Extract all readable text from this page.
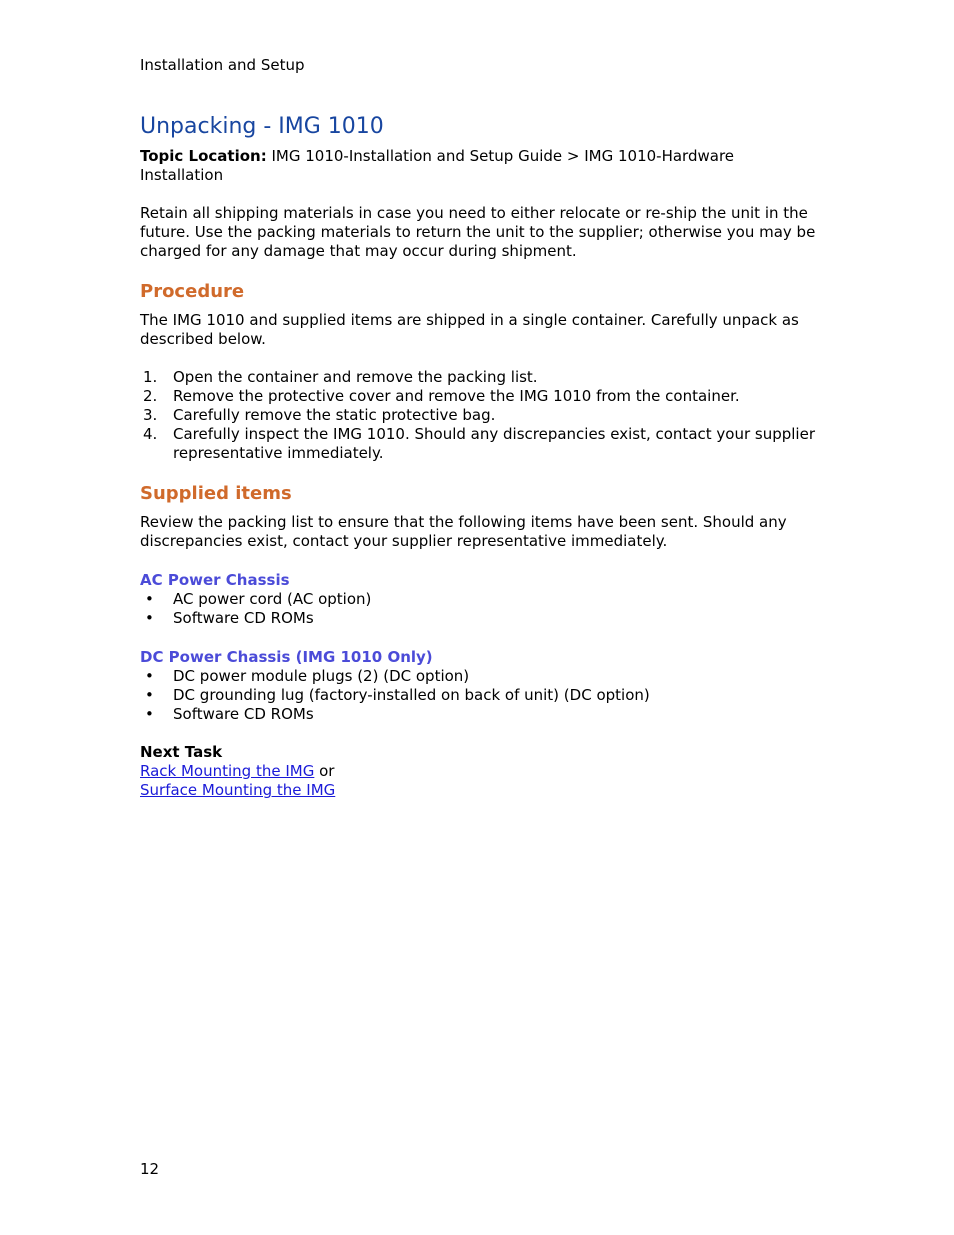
Installation and Setup

Unpacking - IMG 1010

Topic Location: IMG 1010-Installation and Setup Guide > IMG 1010-Hardware Installation

Retain all shipping materials in case you need to either relocate or re-ship the unit in the future. Use the packing materials to return the unit to the supplier; otherwise you may be charged for any damage that may occur during shipment.

Procedure

The IMG 1010 and supplied items are shipped in a single container. Carefully unpack as described below.

1. Open the container and remove the packing list.
2. Remove the protective cover and remove the IMG 1010 from the container.
3. Carefully remove the static protective bag.
4. Carefully inspect the IMG 1010. Should any discrepancies exist, contact your supplier representative immediately.
Supplied items

Review the packing list to ensure that the following items have been sent. Should any discrepancies exist, contact your supplier representative immediately.

AC Power Chassis
• AC power cord (AC option)
• Software CD ROMs
DC Power Chassis (IMG 1010 Only)
• DC power module plugs (2) (DC option)
• DC grounding lug (factory-installed on back of unit) (DC option)
• Software CD ROMs

Next Task

Rack Mounting the IMG or

Surface Mounting the IMG

12
